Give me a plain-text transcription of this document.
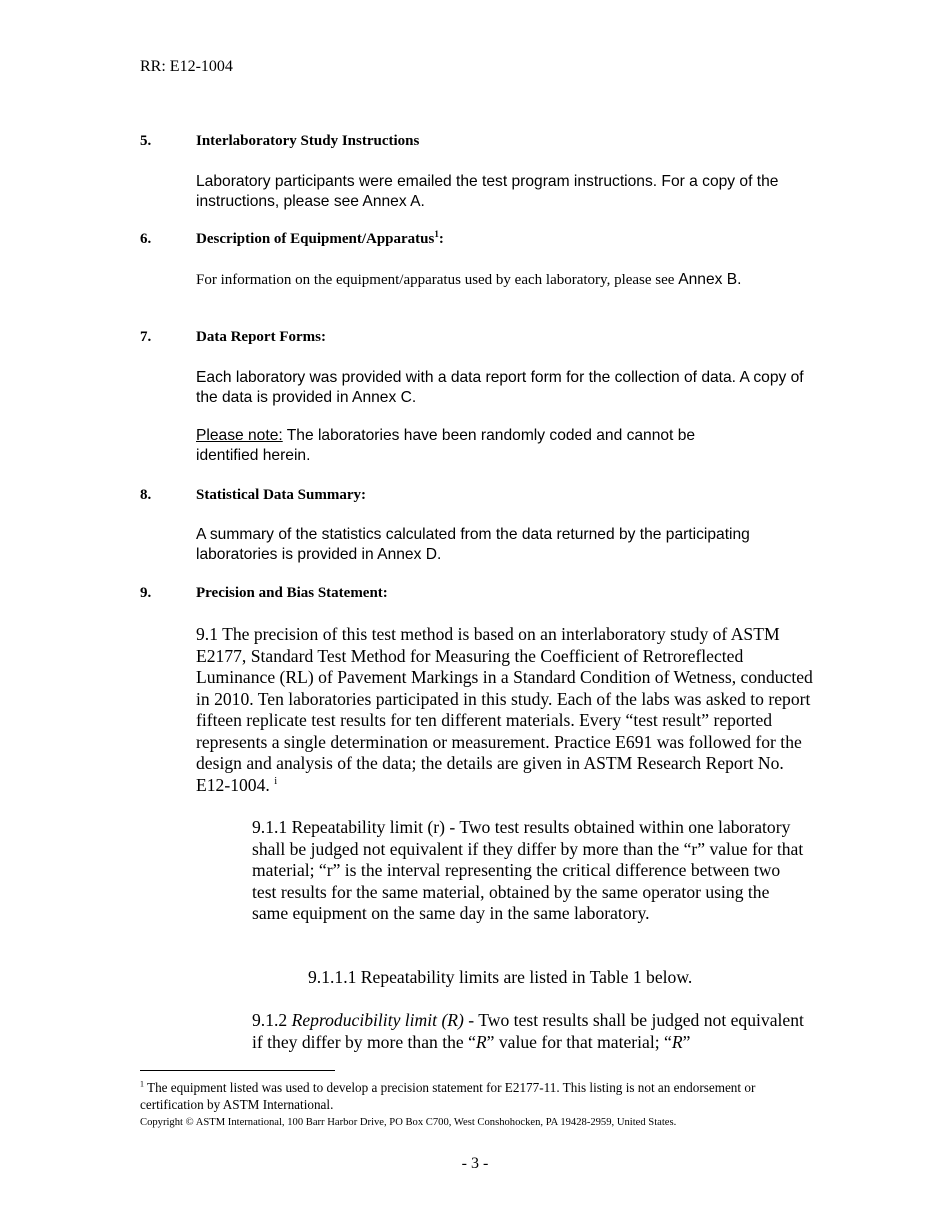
RR: E12-1004
5.	Interlaboratory Study Instructions
Laboratory participants were emailed the test program instructions. For a copy of the instructions, please see Annex A.
6.	Description of Equipment/Apparatus$^1$:
For information on the equipment/apparatus used by each laboratory, please see Annex B.
7.	Data Report Forms:
Each laboratory was provided with a data report form for the collection of data. A copy of the data is provided in Annex C.
Please note: The laboratories have been randomly coded and cannot be identified herein.
8.	Statistical Data Summary:
A summary of the statistics calculated from the data returned by the participating laboratories is provided in Annex D.
9.	Precision and Bias Statement:
9.1 The precision of this test method is based on an interlaboratory study of ASTM E2177, Standard Test Method for Measuring the Coefficient of Retroreflected Luminance (RL) of Pavement Markings in a Standard Condition of Wetness, conducted in 2010. Ten laboratories participated in this study. Each of the labs was asked to report fifteen replicate test results for ten different materials. Every “test result” reported represents a single determination or measurement. Practice E691 was followed for the design and analysis of the data; the details are given in ASTM Research Report No. E12-1004. $^i$
9.1.1 Repeatability limit (r) - Two test results obtained within one laboratory shall be judged not equivalent if they differ by more than the “r” value for that material; “r” is the interval representing the critical difference between two test results for the same material, obtained by the same operator using the same equipment on the same day in the same laboratory.
9.1.1.1 Repeatability limits are listed in Table 1 below.
9.1.2 Reproducibility limit (R) - Two test results shall be judged not equivalent if they differ by more than the “R” value for that material; “R”
$^1$ The equipment listed was used to develop a precision statement for E2177-11. This listing is not an endorsement or certification by ASTM International.
Copyright © ASTM International, 100 Barr Harbor Drive, PO Box C700, West Conshohocken, PA 19428-2959, United States.
- 3 -
